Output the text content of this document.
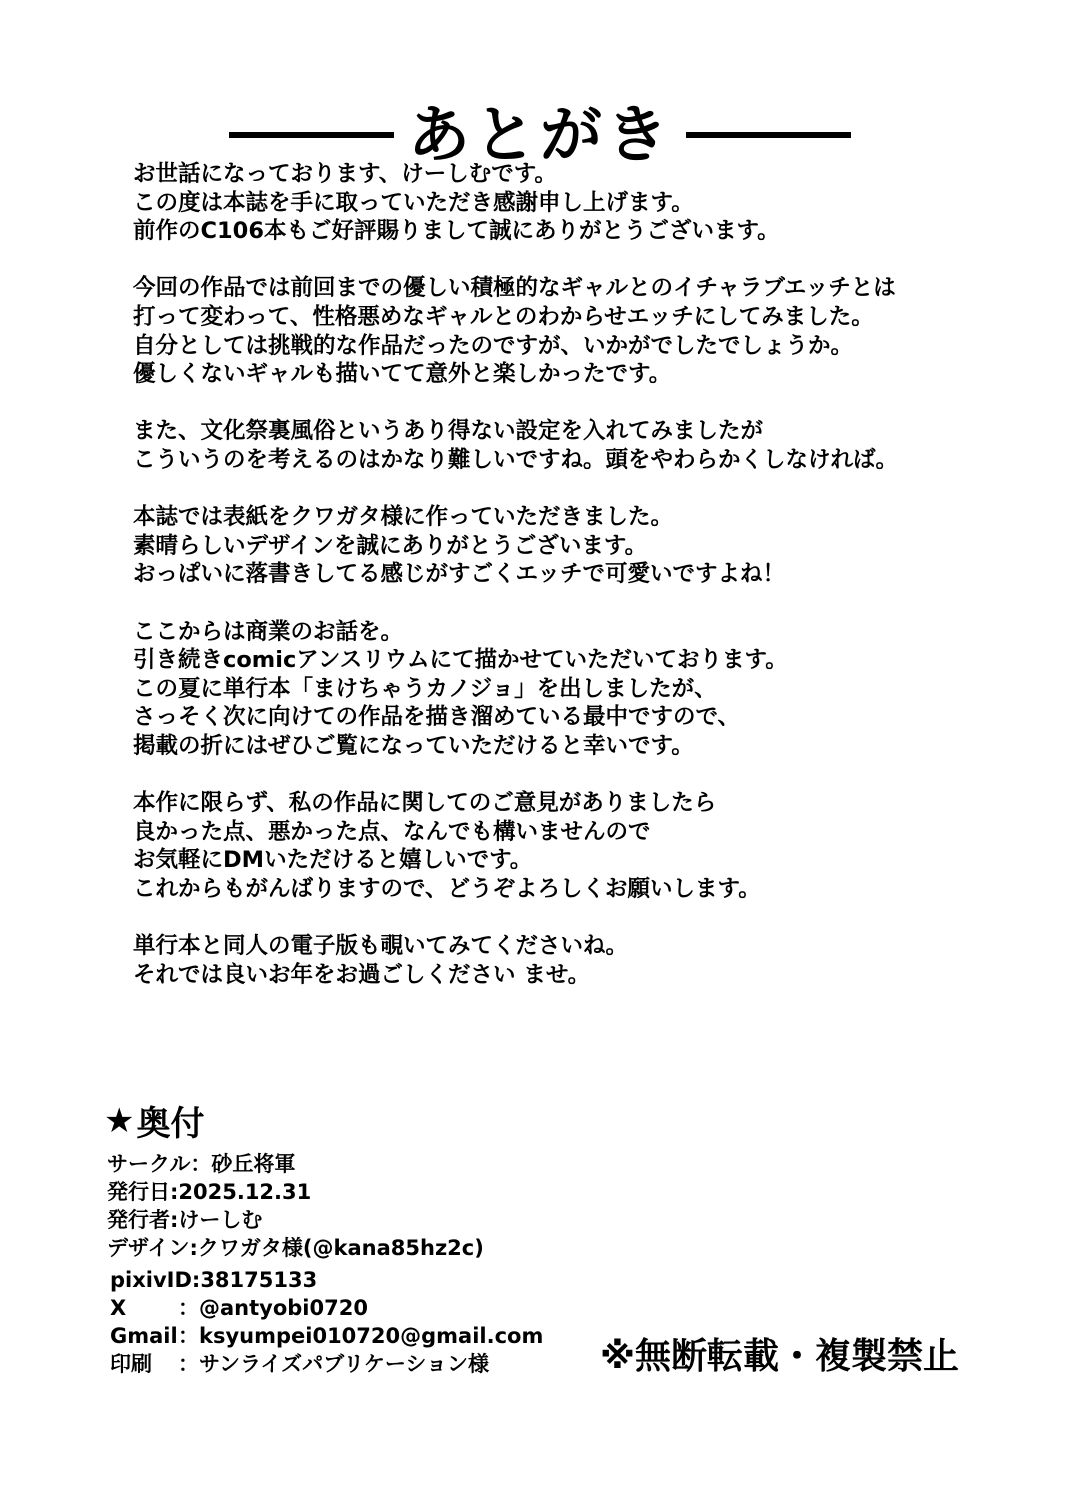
あとがき
お世話になっております、けーしむです。
この度は本誌を手に取っていただき感謝申し上げます。
前作のC106本もご好評賜りまして誠にありがとうございます。
今回の作品では前回までの優しい積極的なギャルとのイチャラブエッチとは
打って変わって、性格悪めなギャルとのわからせエッチにしてみました。
自分としては挑戦的な作品だったのですが、いかがでしたでしょうか。
優しくないギャルも描いてて意外と楽しかったです。
また、文化祭裏風俗というあり得ない設定を入れてみましたが
こういうのを考えるのはかなり難しいですね。頭をやわらかくしなければ。
本誌では表紙をクワガタ様に作っていただきました。
素晴らしいデザインを誠にありがとうございます。
おっぱいに落書きしてる感じがすごくエッチで可愛いですよね！
ここからは商業のお話を。
引き続きcomicアンスリウムにて描かせていただいております。
この夏に単行本「まけちゃうカノジョ」を出しましたが、
さっそく次に向けての作品を描き溜めている最中ですので、
掲載の折にはぜひご覧になっていただけると幸いです。
本作に限らず、私の作品に関してのご意見がありましたら
良かった点、悪かった点、なんでも構いませんので
お気軽にDMいただけると嬉しいです。
これからもがんばりますので、どうぞよろしくお願いします。
単行本と同人の電子版も覗いてみてくださいね。
それでは良いお年をお過ごしください ませ。
★ 奥付
サークル：砂丘将軍
発行日:2025.12.31
発行者:けーしむ
デザイン:クワガタ様(@kana85hz2c)
pixivID:38175133
X ：@antyobi0720
Gmail：ksyumpei010720@gmail.com
印刷 ：サンライズパブリケーション様	※無断転載・複製禁止
